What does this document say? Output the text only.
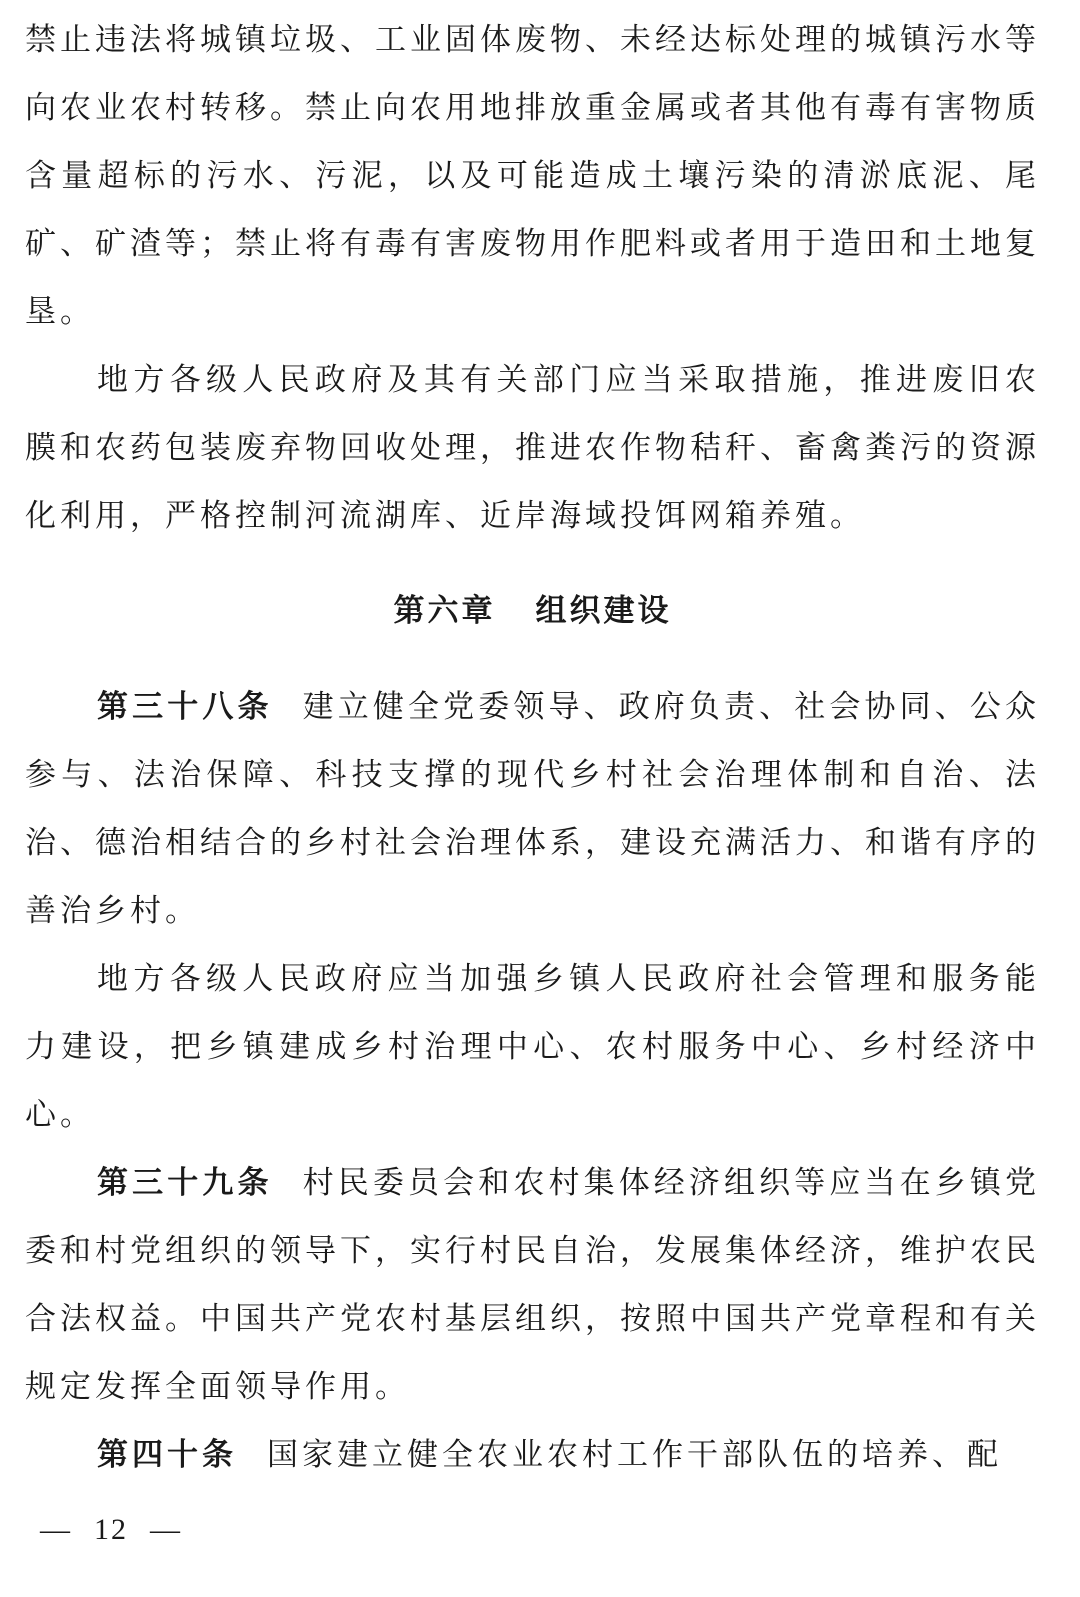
禁止违法将城镇垃圾、工业固体废物、未经达标处理的城镇污水等向农业农村转移。禁止向农用地排放重金属或者其他有毒有害物质含量超标的污水、污泥，以及可能造成土壤污染的清淤底泥、尾矿、矿渣等；禁止将有毒有害废物用作肥料或者用于造田和土地复垦。

地方各级人民政府及其有关部门应当采取措施，推进废旧农膜和农药包装废弃物回收处理，推进农作物秸秆、畜禽粪污的资源化利用，严格控制河流湖库、近岸海域投饵网箱养殖。

第六章 组织建设

第三十八条 建立健全党委领导、政府负责、社会协同、公众参与、法治保障、科技支撑的现代乡村社会治理体制和自治、法治、德治相结合的乡村社会治理体系，建设充满活力、和谐有序的善治乡村。

地方各级人民政府应当加强乡镇人民政府社会管理和服务能力建设，把乡镇建成乡村治理中心、农村服务中心、乡村经济中心。

第三十九条 村民委员会和农村集体经济组织等应当在乡镇党委和村党组织的领导下，实行村民自治，发展集体经济，维护农民合法权益。中国共产党农村基层组织，按照中国共产党章程和有关规定发挥全面领导作用。

第四十条 国家建立健全农业农村工作干部队伍的培养、配

— 12 —
